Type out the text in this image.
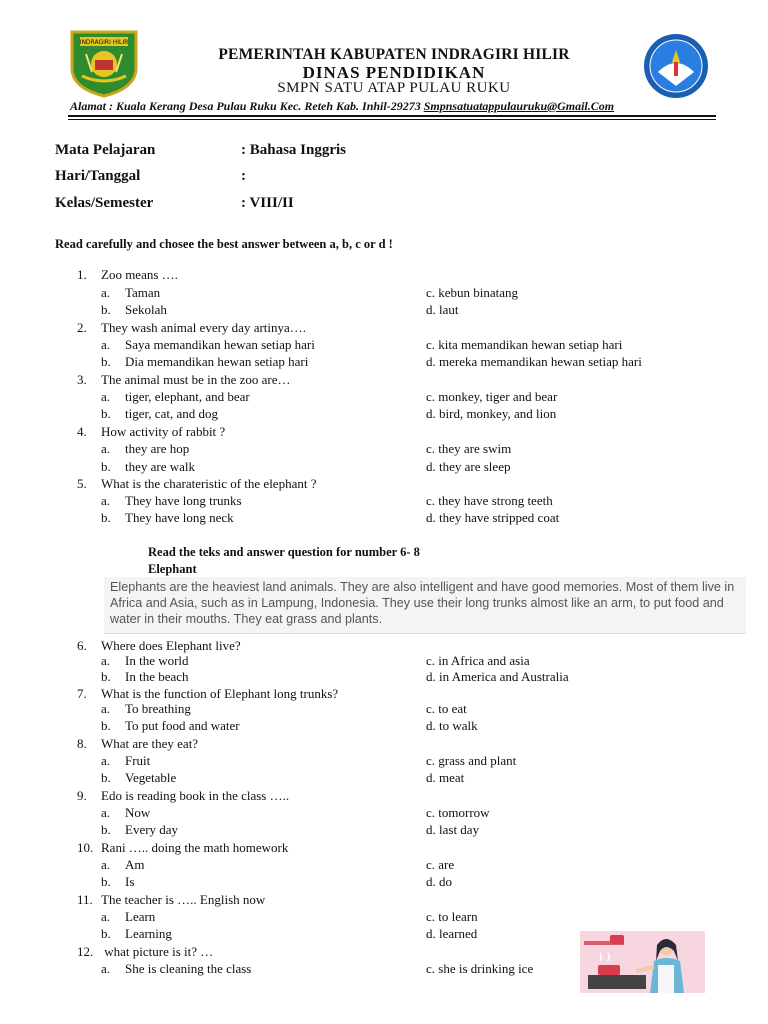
INDRAGIRI HILIR
PEMERINTAH KABUPATEN INDRAGIRI HILIR
DINAS PENDIDIKAN
SMPN SATU ATAP PULAU RUKU
Alamat : Kuala Kerang Desa Pulau Ruku Kec. Reteh Kab. Inhil-29273 Smpnsatuatappulauruku@Gmail.Com
Mata Pelajaran	: Bahasa Inggris
Hari/Tanggal	:
Kelas/Semester	: VIII/II
Read carefully and chosee the best answer between a, b, c or d !
1. Zoo means ….
a. Taman	c. kebun binatang
b. Sekolah	d. laut
2. They wash animal every day artinya….
a. Saya memandikan hewan setiap hari	c. kita memandikan hewan setiap hari
b. Dia memandikan hewan setiap hari	d. mereka memandikan hewan setiap hari
3. The animal must be in the zoo are…
a. tiger, elephant, and bear	c. monkey, tiger and bear
b. tiger, cat, and dog	d. bird, monkey, and lion
4. How activity of rabbit ?
a. they are hop	c. they are swim
b. they are walk	d. they are sleep
5. What is the charateristic of the elephant ?
a. They have long trunks	c. they have strong teeth
b. They have long neck	d. they have stripped coat
Read the teks and answer question for number 6- 8
Elephant
Elephants are the heaviest land animals. They are also intelligent and have good memories. Most of them live in Africa and Asia, such as in Lampung, Indonesia. They use their long trunks almost like an arm, to put food and water in their mouths. They eat grass and plants.
6. Where does Elephant live?
a. In the world	c. in Africa and asia
b. In the beach	d. in America and Australia
7. What is the function of Elephant long trunks?
a. To breathing	c. to eat
b. To put food and water	d. to walk
8. What are they eat?
a. Fruit	c. grass and plant
b. Vegetable	d. meat
9. Edo is reading book in the class …..
a. Now	c. tomorrow
b. Every day	d. last day
10. Rani ….. doing the math homework
a. Am	c. are
b. Is	d. do
11. The teacher is ….. English now
a. Learn	c. to learn
b. Learning	d. learned
12. what picture is it? …
a. She is cleaning the class	c. she is drinking ice
